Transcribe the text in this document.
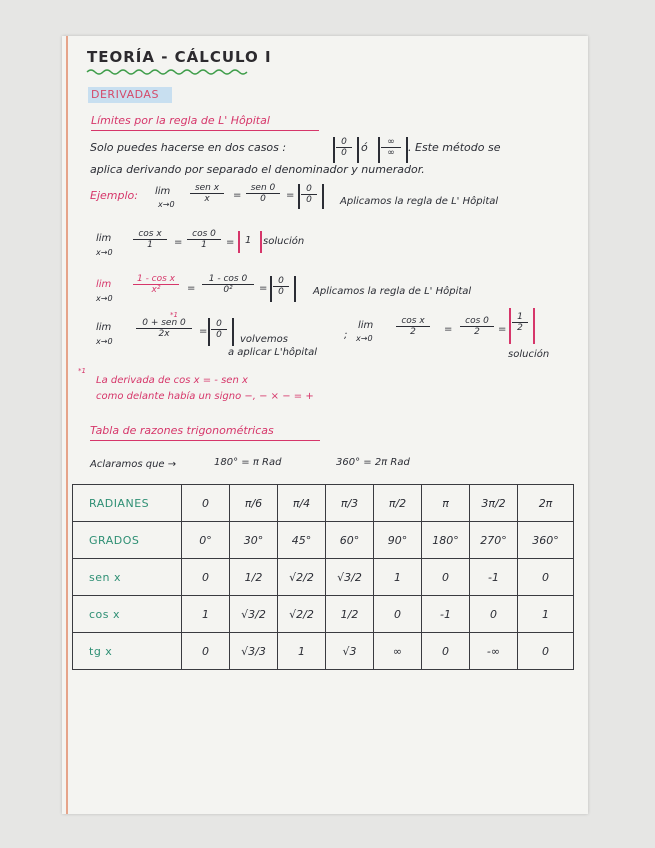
TEORÍA - CÁLCULO I
DERIVADAS
Límites por la regla de L' Hôpital
Solo puedes hacerse en dos casos :	$\frac{0}{0}$ ó	∞
∞	. Este método se
aplica derivando por separado el denominador y numerador.
Ejemplo: lim
x→0
sen x
x	=
sen 0
0	= $\frac{0}{0}$ Aplicamos la regla de L' Hôpital
lim
x→0
$\frac{\text{cos x}}{1} = \frac{\cos 0}{1} = 1$ solución
lim
x→0
$\frac{\text{1 - cos x}}{\text{x²}} = \frac{1 - \cos 0}{\text{0²}} = \frac{0}{0}$ Aplicamos la regla de L' Hôpital
*1
lim
x→0
0 + sen 0
2x	= $\frac{0}{0}$ volvemos
a aplicar L'hôpital
;
lim
x→0
$\frac{\text{cos x}}{2} = \frac{\cos 0}{2} = \frac{1}{2}$
solución
*1
La derivada de cos x = - sen x
como delante había un signo −, − × − = +
Tabla de razones trigonométricas
Aclaramos que →	180° = π Rad	360° = 2π Rad
RADIANES	0	π/6	π/4	π/3	π/2	π	3π/2	2π
GRADOS	0°	30°	45°	60°	90°	180°	270°	360°
sen x	0	1/2	√2/2	√3/2	1	0	-1	0
cos x	1	√3/2	√2/2	1/2	0	-1	0	1
tg x	0	√3/3	1	√3	∞	0	-∞	0
